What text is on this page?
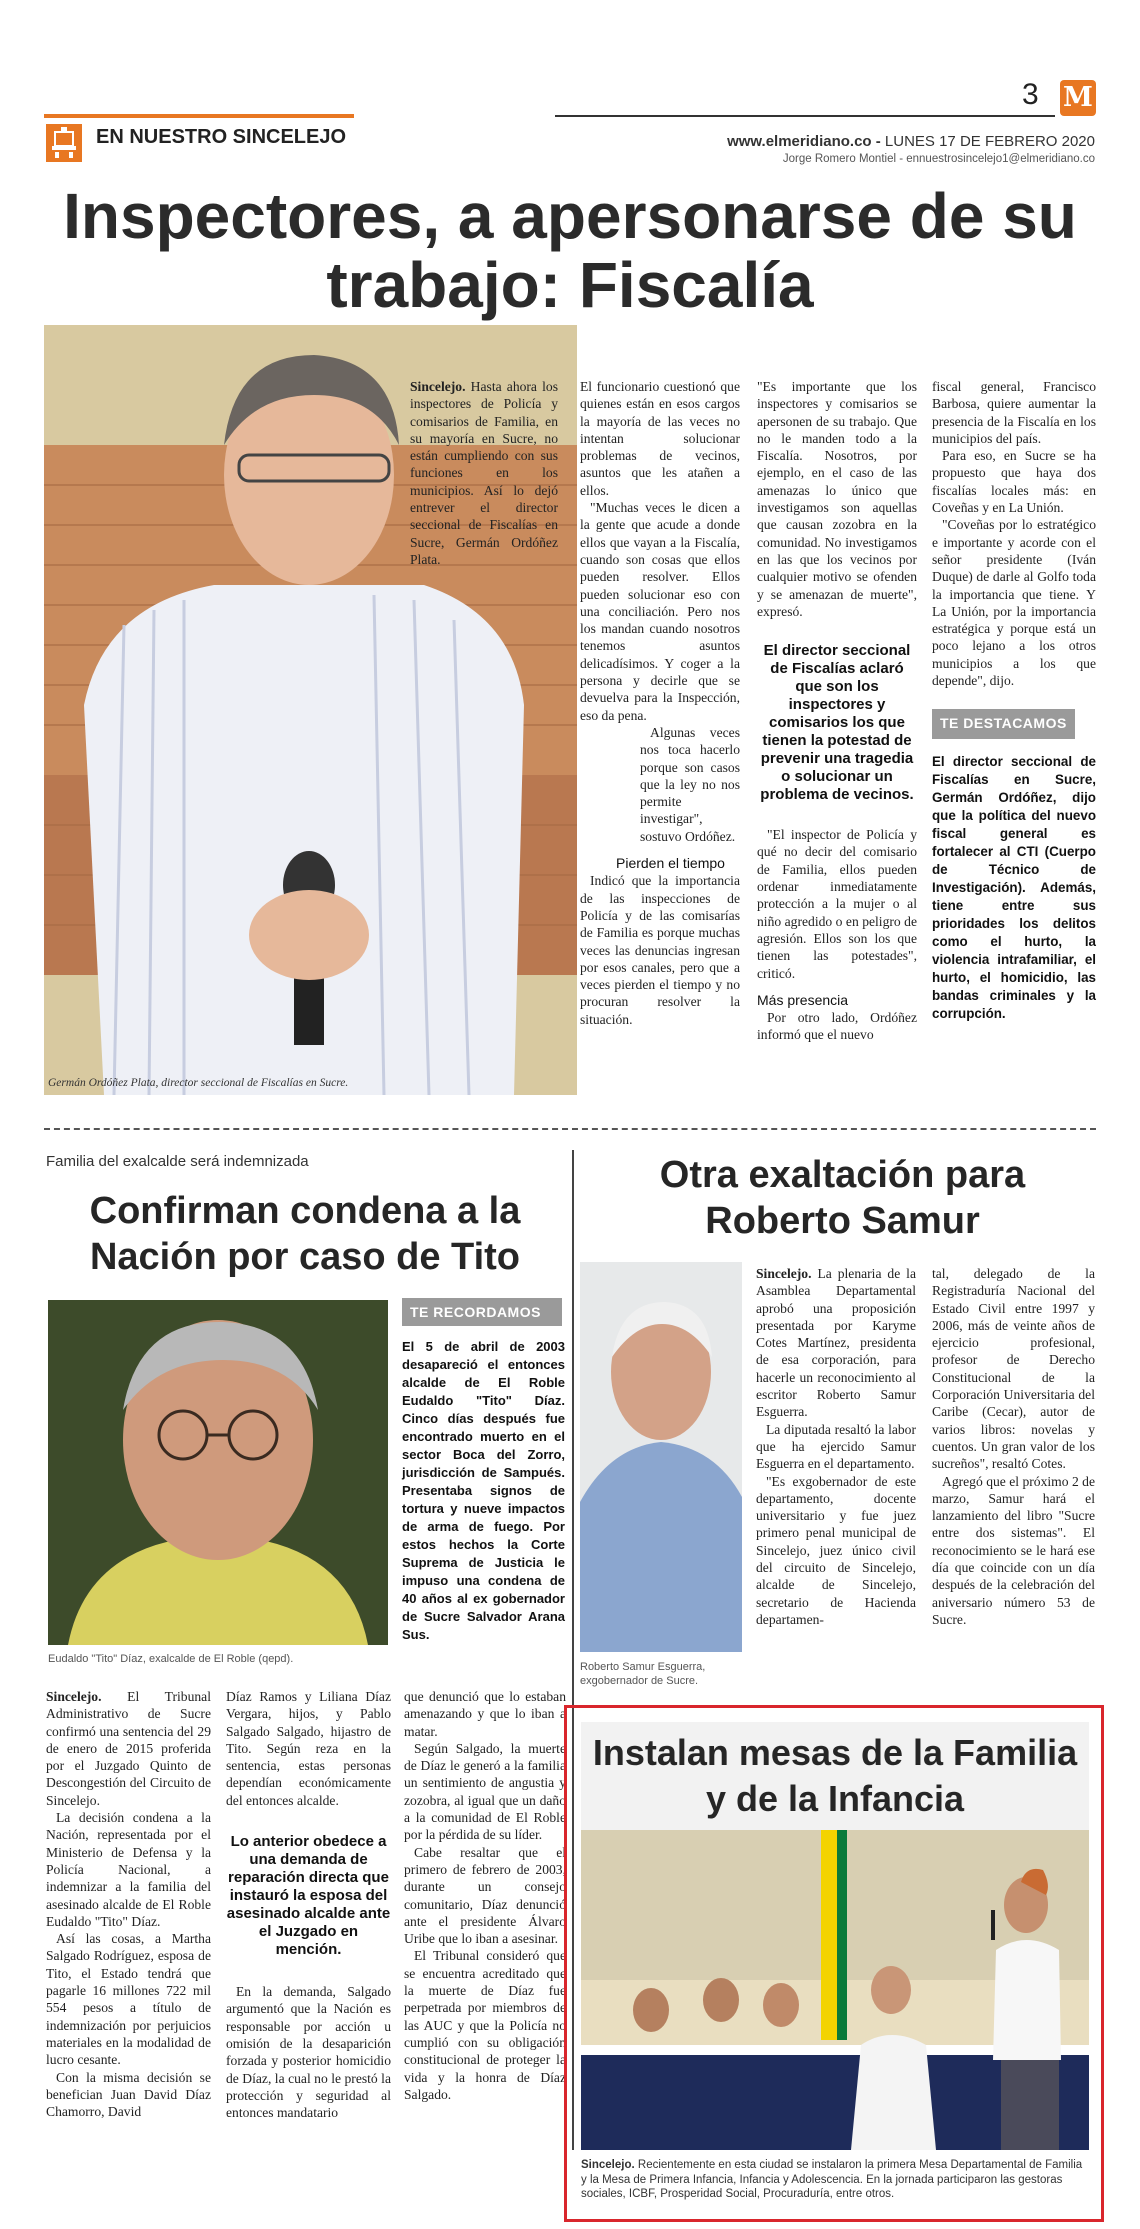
EN NUESTRO SINCELEJO
3 M
www.elmeridiano.co - LUNES 17 DE FEBRERO 2020
Jorge Romero Montiel - ennuestrosincelejo1@elmeridiano.co
Inspectores, a apersonarse de su trabajo: Fiscalía
Germán Ordóñez Plata, director seccional de Fiscalías en Sucre.

Sincelejo. Hasta ahora los inspectores de Policía y comisarios de Familia, en su mayoría en Sucre, no están cumpliendo con sus funciones en los municipios. Así lo dejó entrever el director seccional de Fiscalías en Sucre, Germán Ordóñez Plata.

El funcionario cuestionó que quienes están en esos cargos la mayoría de las veces no intentan solucionar problemas de vecinos, asuntos que les atañen a ellos.

"Muchas veces le dicen a la gente que acude a donde ellos que vayan a la Fiscalía, cuando son cosas que ellos pueden resolver. Ellos pueden solucionar eso con una conciliación. Pero nos los mandan cuando nosotros tenemos asuntos delicadísimos. Y coger a la persona y decirle que se devuelva para la Inspección, eso da pena.

Algunas veces nos toca hacerlo porque son casos que la ley no nos permite investigar", sostuvo Ordóñez.

Pierden el tiempo

Indicó que la importancia de las inspecciones de Policía y de las comisarías de Familia es porque muchas veces las denuncias ingresan por esos canales, pero que a veces pierden el tiempo y no procuran resolver la situación.

"Es importante que los inspectores y comisarios se apersonen de su trabajo. Que no le manden todo a la Fiscalía. Nosotros, por ejemplo, en el caso de las amenazas lo único que investigamos son aquellas que causan zozobra en la comunidad. No investigamos en las que los vecinos por cualquier motivo se ofenden y se amenazan de muerte", expresó.

El director seccional de Fiscalías aclaró que son los inspectores y comisarios los que tienen la potestad de prevenir una tragedia o solucionar un problema de vecinos.

"El inspector de Policía y qué no decir del comisario de Familia, ellos pueden ordenar inmediatamente protección a la mujer o al niño agredido o en peligro de agresión. Ellos son los que tienen las potestades", criticó.

Más presencia

Por otro lado, Ordóñez informó que el nuevo

fiscal general, Francisco Barbosa, quiere aumentar la presencia de la Fiscalía en los municipios del país.

Para eso, en Sucre se ha propuesto que haya dos fiscalías locales más: en Coveñas y en La Unión.

"Coveñas por lo estratégico e importante y acorde con el señor presidente (Iván Duque) de darle al Golfo toda la importancia que tiene. Y La Unión, por la importancia estratégica y porque está un poco lejano a los otros municipios a los que depende", dijo.

TE DESTACAMOS
El director seccional de Fiscalías en Sucre, Germán Ordóñez, dijo que la política del nuevo fiscal general es fortalecer al CTI (Cuerpo de Técnico de Investigación). Además, tiene entre sus prioridades los delitos como el hurto, la violencia intrafamiliar, el hurto, el homicidio, las bandas criminales y la corrupción.
Familia del exalcalde será indemnizada
Confirman condena a la Nación por caso de Tito
Eudaldo "Tito" Díaz, exalcalde de El Roble (qepd).
TE RECORDAMOS
El 5 de abril de 2003 desapareció el entonces alcalde de El Roble Eudaldo "Tito" Díaz. Cinco días después fue encontrado muerto en el sector Boca del Zorro, jurisdicción de Sampués. Presentaba signos de tortura y nueve impactos de arma de fuego. Por estos hechos la Corte Suprema de Justicia le impuso una condena de 40 años al ex gobernador de Sucre Salvador Arana Sus.

Sincelejo. El Tribunal Administrativo de Sucre confirmó una sentencia del 29 de enero de 2015 proferida por el Juzgado Quinto de Descongestión del Circuito de Sincelejo.

La decisión condena a la Nación, representada por el Ministerio de Defensa y la Policía Nacional, a indemnizar a la familia del asesinado alcalde de El Roble Eudaldo "Tito" Díaz.

Así las cosas, a Martha Salgado Rodríguez, esposa de Tito, el Estado tendrá que pagarle 16 millones 722 mil 554 pesos a título de indemnización por perjuicios materiales en la modalidad de lucro cesante.

Con la misma decisión se benefician Juan David Díaz Chamorro, David

Díaz Ramos y Liliana Díaz Vergara, hijos, y Pablo Salgado Salgado, hijastro de Tito. Según reza en la sentencia, estas personas dependían económicamente del entonces alcalde.

Lo anterior obedece a una demanda de reparación directa que instauró la esposa del asesinado alcalde ante el Juzgado en mención.

En la demanda, Salgado argumentó que la Nación es responsable por acción u omisión de la desaparición forzada y posterior homicidio de Díaz, la cual no le prestó la protección y seguridad al entonces mandatario

que denunció que lo estaban amenazando y que lo iban a matar.

Según Salgado, la muerte de Díaz le generó a la familia un sentimiento de angustia y zozobra, al igual que un daño a la comunidad de El Roble por la pérdida de su líder.

Cabe resaltar que el primero de febrero de 2003, durante un consejo comunitario, Díaz denunció ante el presidente Álvaro Uribe que lo iban a asesinar.

El Tribunal consideró que se encuentra acreditado que la muerte de Díaz fue perpetrada por miembros de las AUC y que la Policía no cumplió con su obligación constitucional de proteger la vida y la honra de Díaz Salgado.

Otra exaltación para Roberto Samur
Roberto Samur Esguerra, exgobernador de Sucre.

Sincelejo. La plenaria de la Asamblea Departamental aprobó una proposición presentada por Karyme Cotes Martínez, presidenta de esa corporación, para hacerle un reconocimiento al escritor Roberto Samur Esguerra.

La diputada resaltó la labor que ha ejercido Samur Esguerra en el departamento.

"Es exgobernador de este departamento, docente universitario y fue juez primero penal municipal de Sincelejo, juez único civil del circuito de Sincelejo, alcalde de Sincelejo, secretario de Hacienda departamen-

tal, delegado de la Registraduría Nacional del Estado Civil entre 1997 y 2006, más de veinte años de ejercicio profesional, profesor de Derecho Constitucional de la Corporación Universitaria del Caribe (Cecar), autor de varios libros: novelas y cuentos. Un gran valor de los sucreños", resaltó Cotes.

Agregó que el próximo 2 de marzo, Samur hará el lanzamiento del libro "Sucre entre dos sistemas". El reconocimiento se le hará ese día que coincide con un día después de la celebración del aniversario número 53 de Sucre.

Instalan mesas de la Familia y de la Infancia
Sincelejo. Recientemente en esta ciudad se instalaron la primera Mesa Departamental de Familia y la Mesa de Primera Infancia, Infancia y Adolescencia. En la jornada participaron las gestoras sociales, ICBF, Prosperidad Social, Procuraduría, entre otros.
